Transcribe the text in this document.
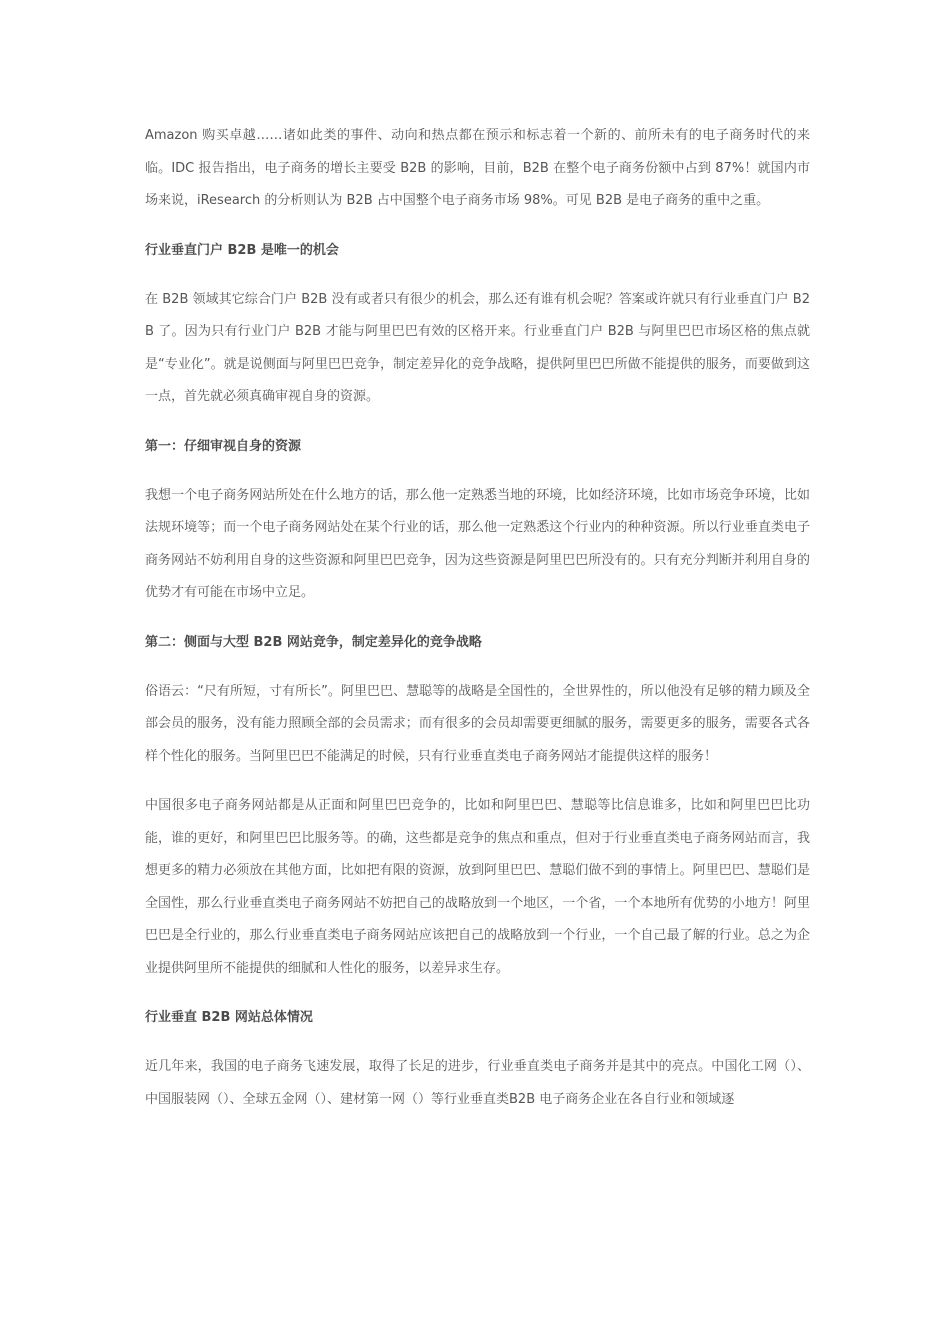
Amazon 购买卓越……诸如此类的事件、动向和热点都在预示和标志着一个新的、前所未有的电子商务时代的来临。IDC 报告指出，电子商务的增长主要受 B2B 的影响，目前，B2B 在整个电子商务份额中占到 87%！就国内市场来说，iResearch 的分析则认为 B2B 占中国整个电子商务市场 98%。可见 B2B 是电子商务的重中之重。

行业垂直门户 B2B 是唯一的机会

在 B2B 领域其它综合门户 B2B 没有或者只有很少的机会，那么还有谁有机会呢？答案或许就只有行业垂直门户 B2B 了。因为只有行业门户 B2B 才能与阿里巴巴有效的区格开来。行业垂直门户 B2B 与阿里巴巴市场区格的焦点就是“专业化”。就是说侧面与阿里巴巴竞争，制定差异化的竞争战略，提供阿里巴巴所做不能提供的服务，而要做到这一点，首先就必须真确审视自身的资源。

第一：仔细审视自身的资源

我想一个电子商务网站所处在什么地方的话，那么他一定熟悉当地的环境，比如经济环境，比如市场竞争环境，比如法规环境等；而一个电子商务网站处在某个行业的话，那么他一定熟悉这个行业内的种种资源。所以行业垂直类电子商务网站不妨利用自身的这些资源和阿里巴巴竞争，因为这些资源是阿里巴巴所没有的。只有充分判断并利用自身的优势才有可能在市场中立足。

第二：侧面与大型 B2B 网站竞争，制定差异化的竞争战略

俗语云：“尺有所短，寸有所长”。阿里巴巴、慧聪等的战略是全国性的，全世界性的，所以他没有足够的精力顾及全部会员的服务，没有能力照顾全部的会员需求；而有很多的会员却需要更细腻的服务，需要更多的服务，需要各式各样个性化的服务。当阿里巴巴不能满足的时候，只有行业垂直类电子商务网站才能提供这样的服务！

中国很多电子商务网站都是从正面和阿里巴巴竞争的，比如和阿里巴巴、慧聪等比信息谁多，比如和阿里巴巴比功能，谁的更好，和阿里巴巴比服务等。的确，这些都是竞争的焦点和重点，但对于行业垂直类电子商务网站而言，我想更多的精力必须放在其他方面，比如把有限的资源，放到阿里巴巴、慧聪们做不到的事情上。阿里巴巴、慧聪们是全国性，那么行业垂直类电子商务网站不妨把自己的战略放到一个地区，一个省，一个本地所有优势的小地方！阿里巴巴是全行业的，那么行业垂直类电子商务网站应该把自己的战略放到一个行业，一个自己最了解的行业。总之为企业提供阿里所不能提供的细腻和人性化的服务，以差异求生存。

行业垂直 B2B 网站总体情况

近几年来，我国的电子商务飞速发展，取得了长足的进步，行业垂直类电子商务并是其中的亮点。中国化工网（）、中国服装网（）、全球五金网（）、建材第一网（）等行业垂直类B2B 电子商务企业在各自行业和领域逐
